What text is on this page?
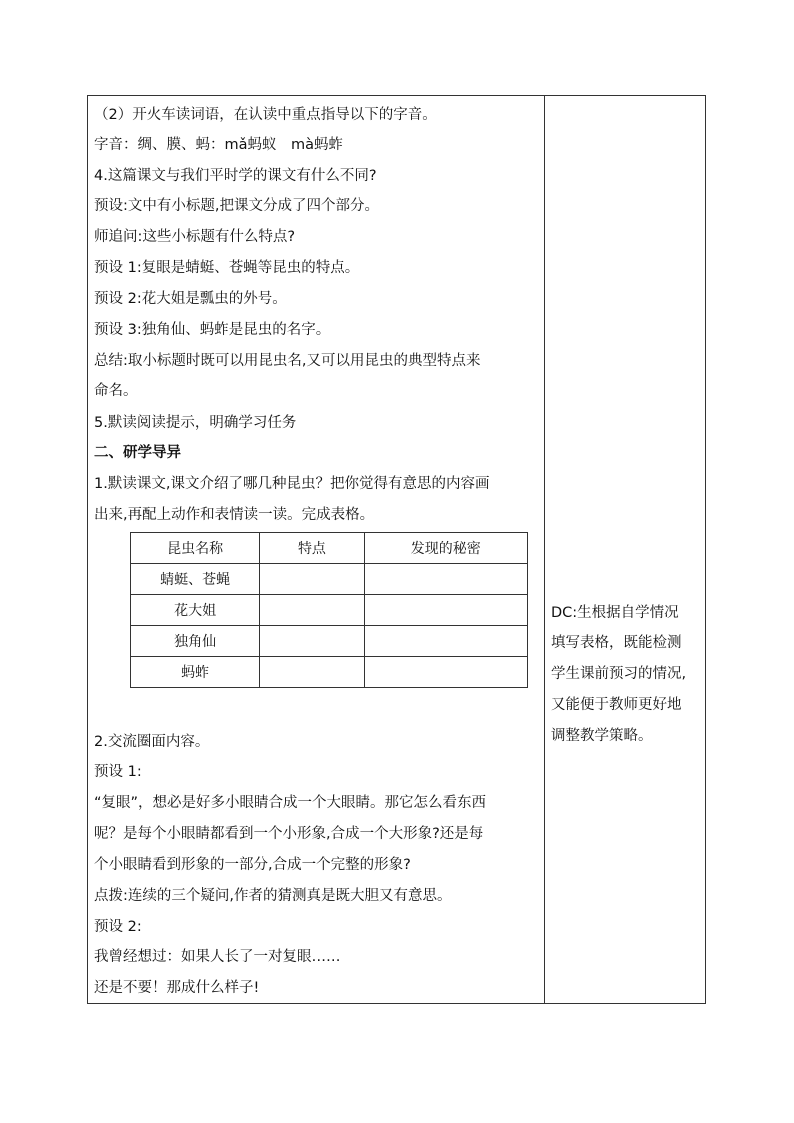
（2）开火车读词语，在认读中重点指导以下的字音。
字音：绸、膜、蚂：mǎ蚂蚁　mà蚂蚱
4.这篇课文与我们平时学的课文有什么不同?
预设:文中有小标题,把课文分成了四个部分。
师追问:这些小标题有什么特点?
预设 1:复眼是蜻蜓、苍蝇等昆虫的特点。
预设 2:花大姐是瓢虫的外号。
预设 3:独角仙、蚂蚱是昆虫的名字。
总结:取小标题时既可以用昆虫名,又可以用昆虫的典型特点来
命名。
5.默读阅读提示，明确学习任务
二、研学导异
1.默读课文,课文介绍了哪几种昆虫？把你觉得有意思的内容画
出来,再配上动作和表情读一读。完成表格。
昆虫名称	特点	发现的秘密
蜻蜓、苍蝇		
花大姐		
独角仙		
蚂蚱		
2.交流圈面内容。
预设 1:
“复眼”，想必是好多小眼睛合成一个大眼睛。那它怎么看东西
呢？是每个小眼睛都看到一个小形象,合成一个大形象?还是每
个小眼睛看到形象的一部分,合成一个完整的形象?
点拨:连续的三个疑问,作者的猜测真是既大胆又有意思。
预设 2:
我曾经想过：如果人长了一对复眼……
还是不要！那成什么样子!
DC:生根据自学情况
填写表格，既能检测
学生课前预习的情况,
又能便于教师更好地
调整教学策略。
